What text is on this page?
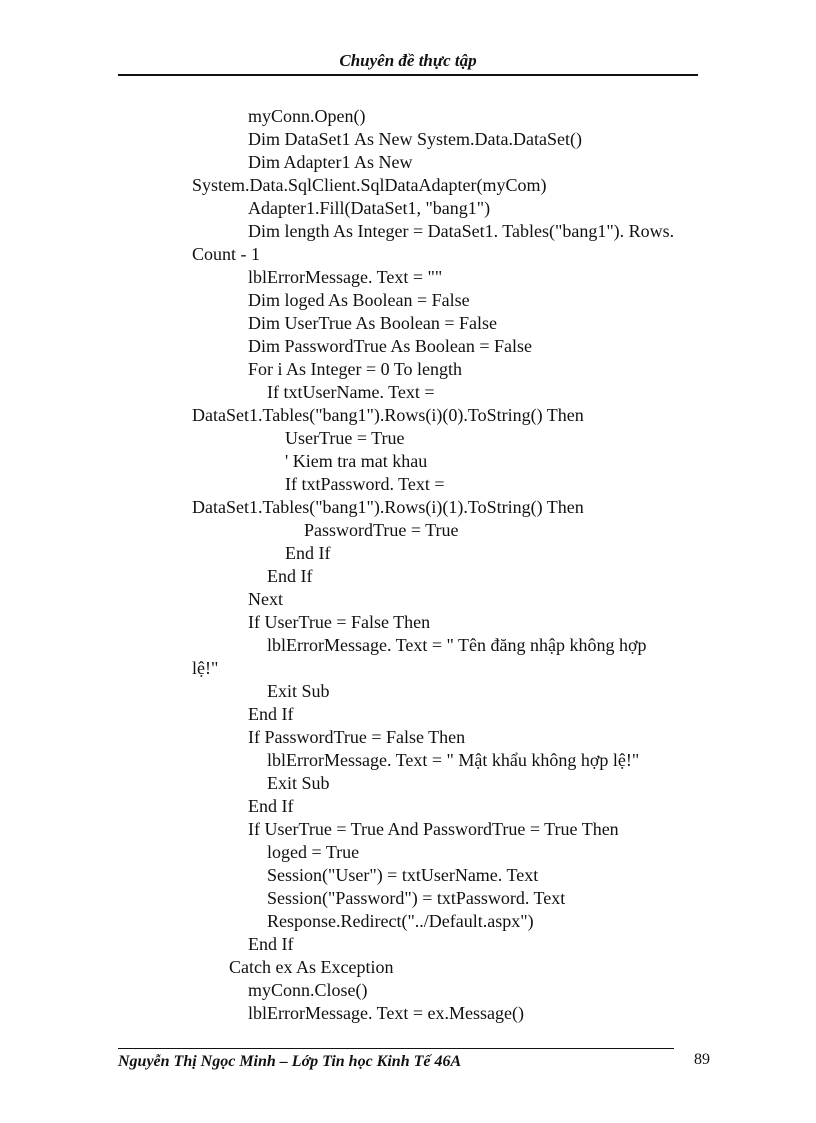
Chuyên đề thực tập
myConn.Open()
Dim DataSet1 As New System.Data.DataSet()
Dim Adapter1 As New
System.Data.SqlClient.SqlDataAdapter(myCom)
Adapter1.Fill(DataSet1, "bang1")
Dim length As Integer = DataSet1. Tables("bang1"). Rows.
Count - 1
lblErrorMessage. Text = ""
Dim loged As Boolean = False
Dim UserTrue As Boolean = False
Dim PasswordTrue As Boolean = False
For i As Integer = 0 To length
If txtUserName. Text =
DataSet1.Tables("bang1").Rows(i)(0).ToString() Then
UserTrue = True
' Kiem tra mat khau
If txtPassword. Text =
DataSet1.Tables("bang1").Rows(i)(1).ToString() Then
PasswordTrue = True
End If
End If
Next
If UserTrue = False Then
lblErrorMessage. Text = " Tên đăng nhập không hợp
lệ!"
Exit Sub
End If
If PasswordTrue = False Then
lblErrorMessage. Text = " Mật khẩu không hợp lệ!"
Exit Sub
End If
If UserTrue = True And PasswordTrue = True Then
loged = True
Session("User") = txtUserName. Text
Session("Password") = txtPassword. Text
Response.Redirect("../Default.aspx")
End If
Catch ex As Exception
myConn.Close()
lblErrorMessage. Text = ex.Message()
Nguyễn Thị Ngọc Minh – Lớp Tin học Kinh Tế 46A	89
